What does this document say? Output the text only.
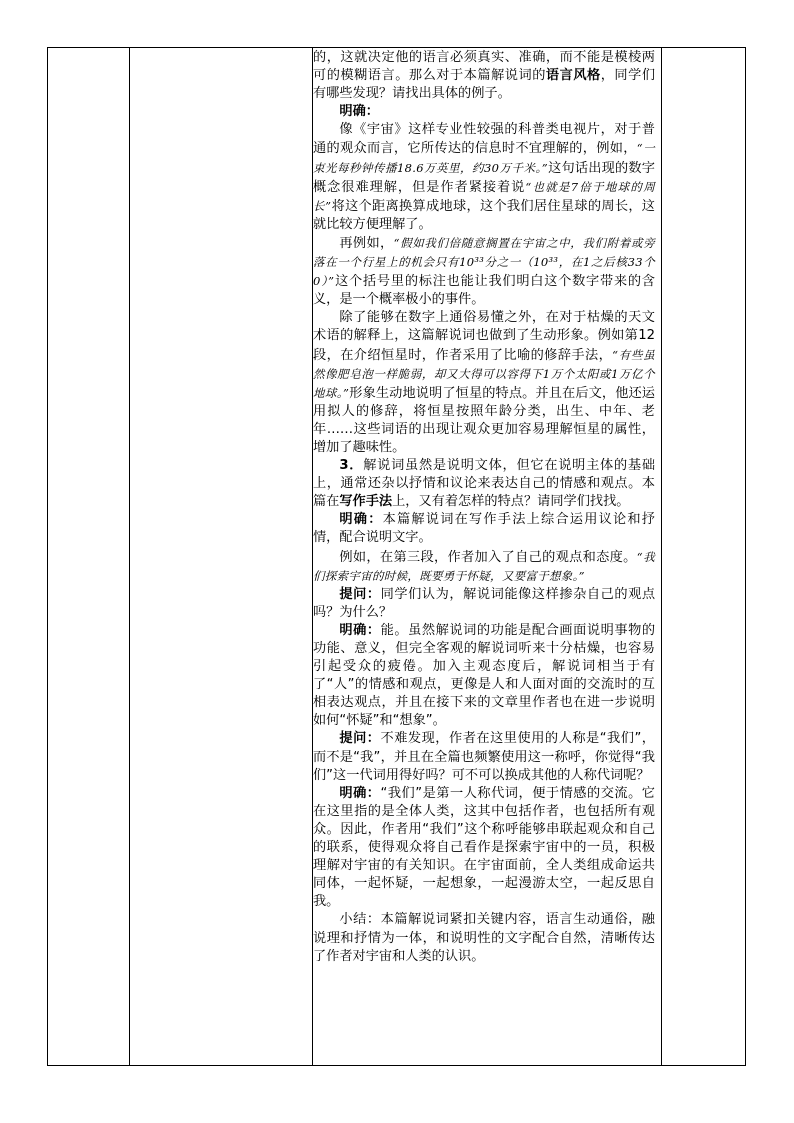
的，这就决定他的语言必须真实、准确，而不能是模棱两可的模糊语言。那么对于本篇解说词的语言风格，同学们有哪些发现？请找出具体的例子。

明确：

像《宇宙》这样专业性较强的科普类电视片，对于普通的观众而言，它所传达的信息时不宜理解的，例如，“一束光每秒钟传播18.6万英里，约30万千米。”这句话出现的数字概念很难理解，但是作者紧接着说“也就是7倍于地球的周长”将这个距离换算成地球，这个我们居住星球的周长，这就比较方便理解了。

再例如，“假如我们倍随意搁置在宇宙之中，我们附着或旁落在一个行星上的机会只有10³³分之一（10³³，在1之后核33个0）”这个括号里的标注也能让我们明白这个数字带来的含义，是一个概率极小的事件。

除了能够在数字上通俗易懂之外，在对于枯燥的天文术语的解释上，这篇解说词也做到了生动形象。例如第12段，在介绍恒星时，作者采用了比喻的修辞手法，“有些虽然像肥皂泡一样脆弱，却又大得可以容得下1万个太阳或1万亿个地球。”形象生动地说明了恒星的特点。并且在后文，他还运用拟人的修辞，将恒星按照年龄分类，出生、中年、老年……这些词语的出现让观众更加容易理解恒星的属性，增加了趣味性。

3．解说词虽然是说明文体，但它在说明主体的基础上，通常还杂以抒情和议论来表达自己的情感和观点。本篇在写作手法上，又有着怎样的特点？请同学们找找。

明确：本篇解说词在写作手法上综合运用议论和抒情，配合说明文字。

例如，在第三段，作者加入了自己的观点和态度。“我们探索宇宙的时候，既要勇于怀疑，又要富于想象。”

提问：同学们认为，解说词能像这样掺杂自己的观点吗？为什么？

明确：能。虽然解说词的功能是配合画面说明事物的功能、意义，但完全客观的解说词听来十分枯燥，也容易引起受众的疲倦。加入主观态度后，解说词相当于有了“人”的情感和观点，更像是人和人面对面的交流时的互相表达观点，并且在接下来的文章里作者也在进一步说明如何“怀疑”和“想象”。

提问：不难发现，作者在这里使用的人称是“我们”，而不是“我”，并且在全篇也频繁使用这一称呼，你觉得“我们”这一代词用得好吗？可不可以换成其他的人称代词呢？

明确：“我们”是第一人称代词，便于情感的交流。它在这里指的是全体人类，这其中包括作者，也包括所有观众。因此，作者用“我们”这个称呼能够串联起观众和自己的联系，使得观众将自己看作是探索宇宙中的一员，积极理解对宇宙的有关知识。在宇宙面前，全人类组成命运共同体，一起怀疑，一起想象，一起漫游太空，一起反思自我。

小结：本篇解说词紧扣关键内容，语言生动通俗，融说理和抒情为一体，和说明性的文字配合自然，清晰传达了作者对宇宙和人类的认识。
